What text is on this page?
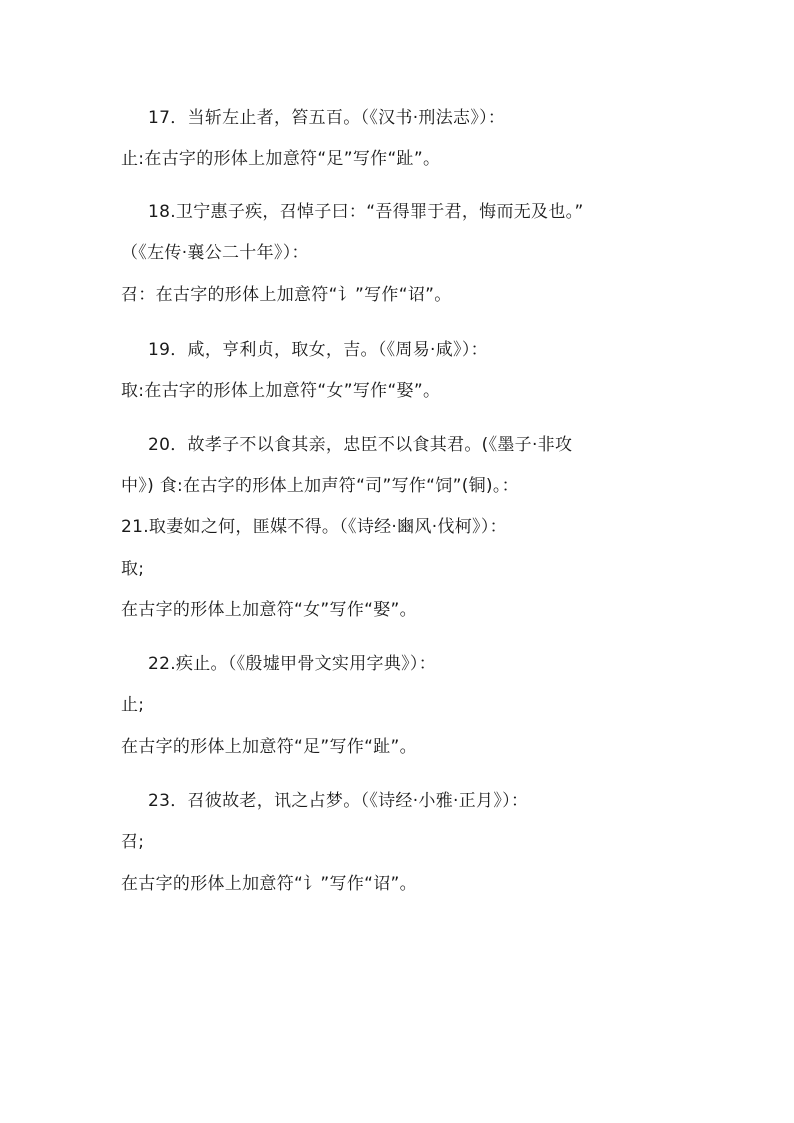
17．当斩左止者，笞五百。（《汉书·刑法志》）：
止:在古字的形体上加意符“足”写作“趾”。
18.卫宁惠子疾，召悼子曰：“吾得罪于君，悔而无及也。”
（《左传·襄公二十年》）：
召：在古字的形体上加意符“讠”写作“诏”。
19．咸，亨利贞，取女，吉。（《周易·咸》）：
取:在古字的形体上加意符“女”写作“娶”。
20．故孝子不以食其亲，忠臣不以食其君。(《墨子·非攻
中》) 食:在古字的形体上加声符“司”写作“饲”(铜)。：
21.取妻如之何，匪媒不得。（《诗经·豳风·伐柯》）：
取;
在古字的形体上加意符“女”写作“娶”。
22.疾止。（《殷墟甲骨文实用字典》）：
止;
在古字的形体上加意符“足”写作“趾”。
23．召彼故老，讯之占梦。（《诗经·小雅·正月》）：
召;
在古字的形体上加意符“讠”写作“诏”。
